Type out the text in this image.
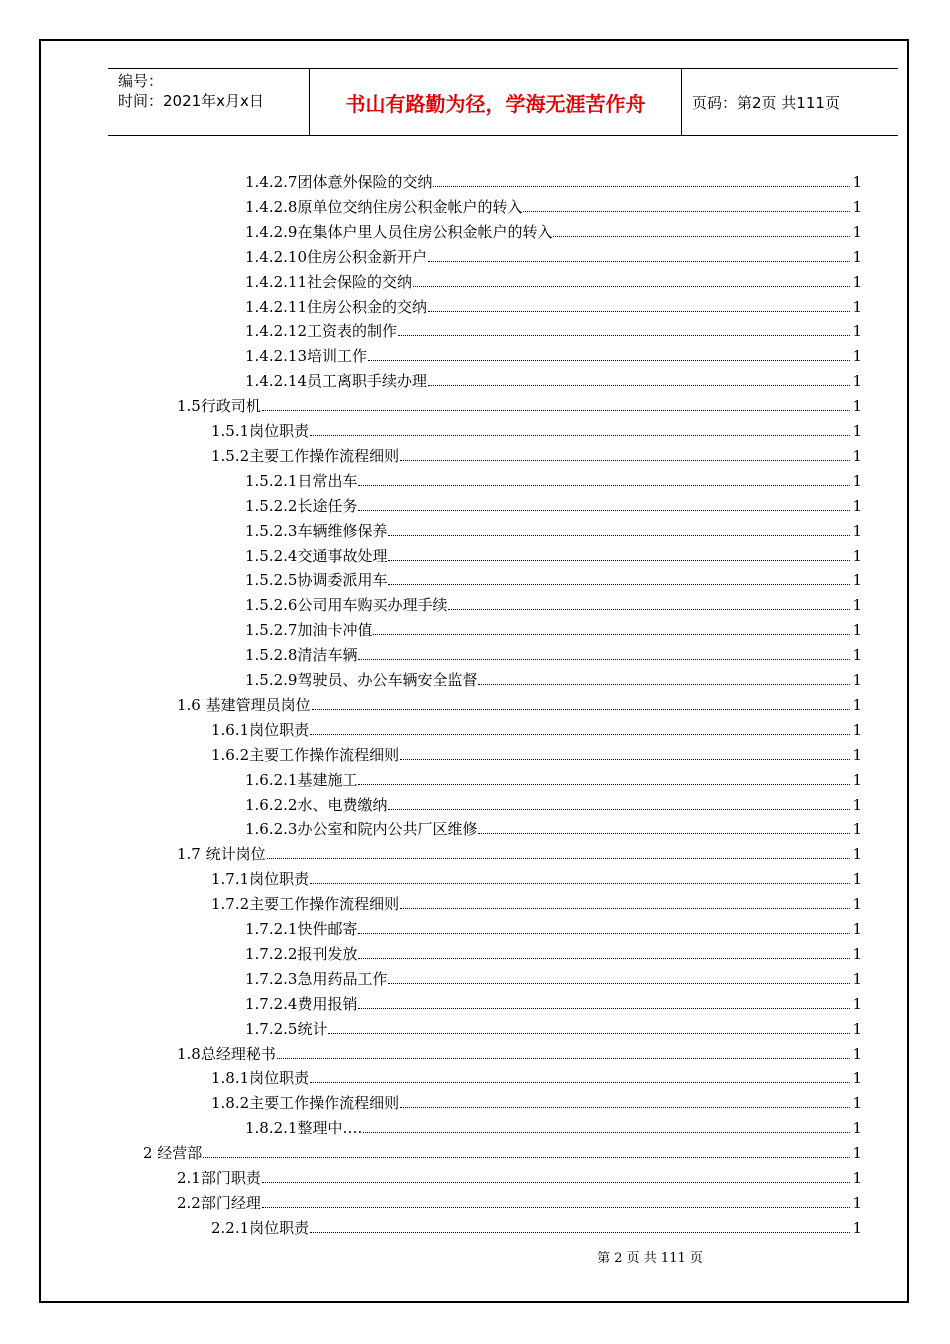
编号：
时间：2021年x月x日	书山有路勤为径，学海无涯苦作舟	页码：第2页 共111页
1.4.2.7团体意外保险的交纳	1
1.4.2.8原单位交纳住房公积金帐户的转入	1
1.4.2.9在集体户里人员住房公积金帐户的转入	1
1.4.2.10住房公积金新开户	1
1.4.2.11社会保险的交纳	1
1.4.2.11住房公积金的交纳	1
1.4.2.12工资表的制作	1
1.4.2.13培训工作	1
1.4.2.14员工离职手续办理	1
1.5行政司机	1
1.5.1岗位职责	1
1.5.2主要工作操作流程细则	1
1.5.2.1日常出车	1
1.5.2.2长途任务	1
1.5.2.3车辆维修保养	1
1.5.2.4交通事故处理	1
1.5.2.5协调委派用车	1
1.5.2.6公司用车购买办理手续	1
1.5.2.7加油卡冲值	1
1.5.2.8清洁车辆	1
1.5.2.9驾驶员、办公车辆安全监督	1
1.6 基建管理员岗位	1
1.6.1岗位职责	1
1.6.2主要工作操作流程细则	1
1.6.2.1基建施工	1
1.6.2.2水、电费缴纳	1
1.6.2.3办公室和院内公共厂区维修	1
1.7 统计岗位	1
1.7.1岗位职责	1
1.7.2主要工作操作流程细则	1
1.7.2.1快件邮寄	1
1.7.2.2报刊发放	1
1.7.2.3急用药品工作	1
1.7.2.4费用报销	1
1.7.2.5统计	1
1.8总经理秘书	1
1.8.1岗位职责	1
1.8.2主要工作操作流程细则	1
1.8.2.1整理中….	1
2 经营部	1
2.1部门职责	1
2.2部门经理	1
2.2.1岗位职责	1
第 2 页 共 111 页
